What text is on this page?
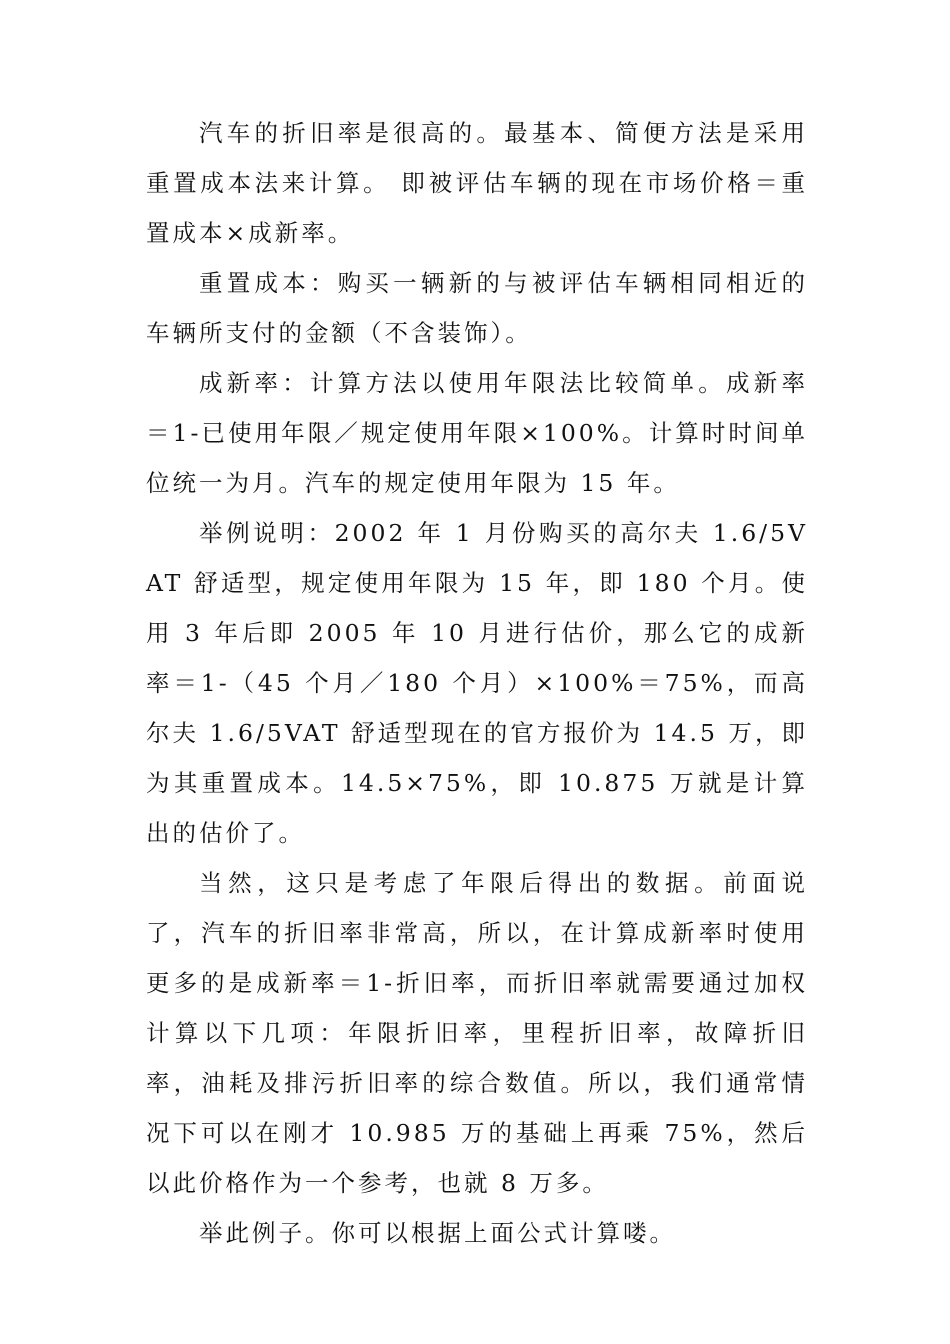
汽车的折旧率是很高的。最基本、简便方法是采用重置成本法来计算。 即被评估车辆的现在市场价格＝重置成本×成新率。

重置成本：购买一辆新的与被评估车辆相同相近的车辆所支付的金额（不含装饰）。

成新率：计算方法以使用年限法比较简单。成新率＝1-已使用年限／规定使用年限×100%。计算时时间单位统一为月。汽车的规定使用年限为 15 年。

举例说明：2002 年 1 月份购买的高尔夫 1.6/5VAT 舒适型，规定使用年限为 15 年，即 180 个月。使用 3 年后即 2005 年 10 月进行估价，那么它的成新率＝1-（45 个月／180 个月）×100%＝75%，而高尔夫 1.6/5VAT 舒适型现在的官方报价为 14.5 万，即为其重置成本。14.5×75%，即 10.875 万就是计算出的估价了。

当然，这只是考虑了年限后得出的数据。前面说了，汽车的折旧率非常高，所以，在计算成新率时使用更多的是成新率＝1-折旧率，而折旧率就需要通过加权计算以下几项：年限折旧率，里程折旧率，故障折旧率，油耗及排污折旧率的综合数值。所以，我们通常情况下可以在刚才 10.985 万的基础上再乘 75%，然后以此价格作为一个参考，也就 8 万多。

举此例子。你可以根据上面公式计算喽。
